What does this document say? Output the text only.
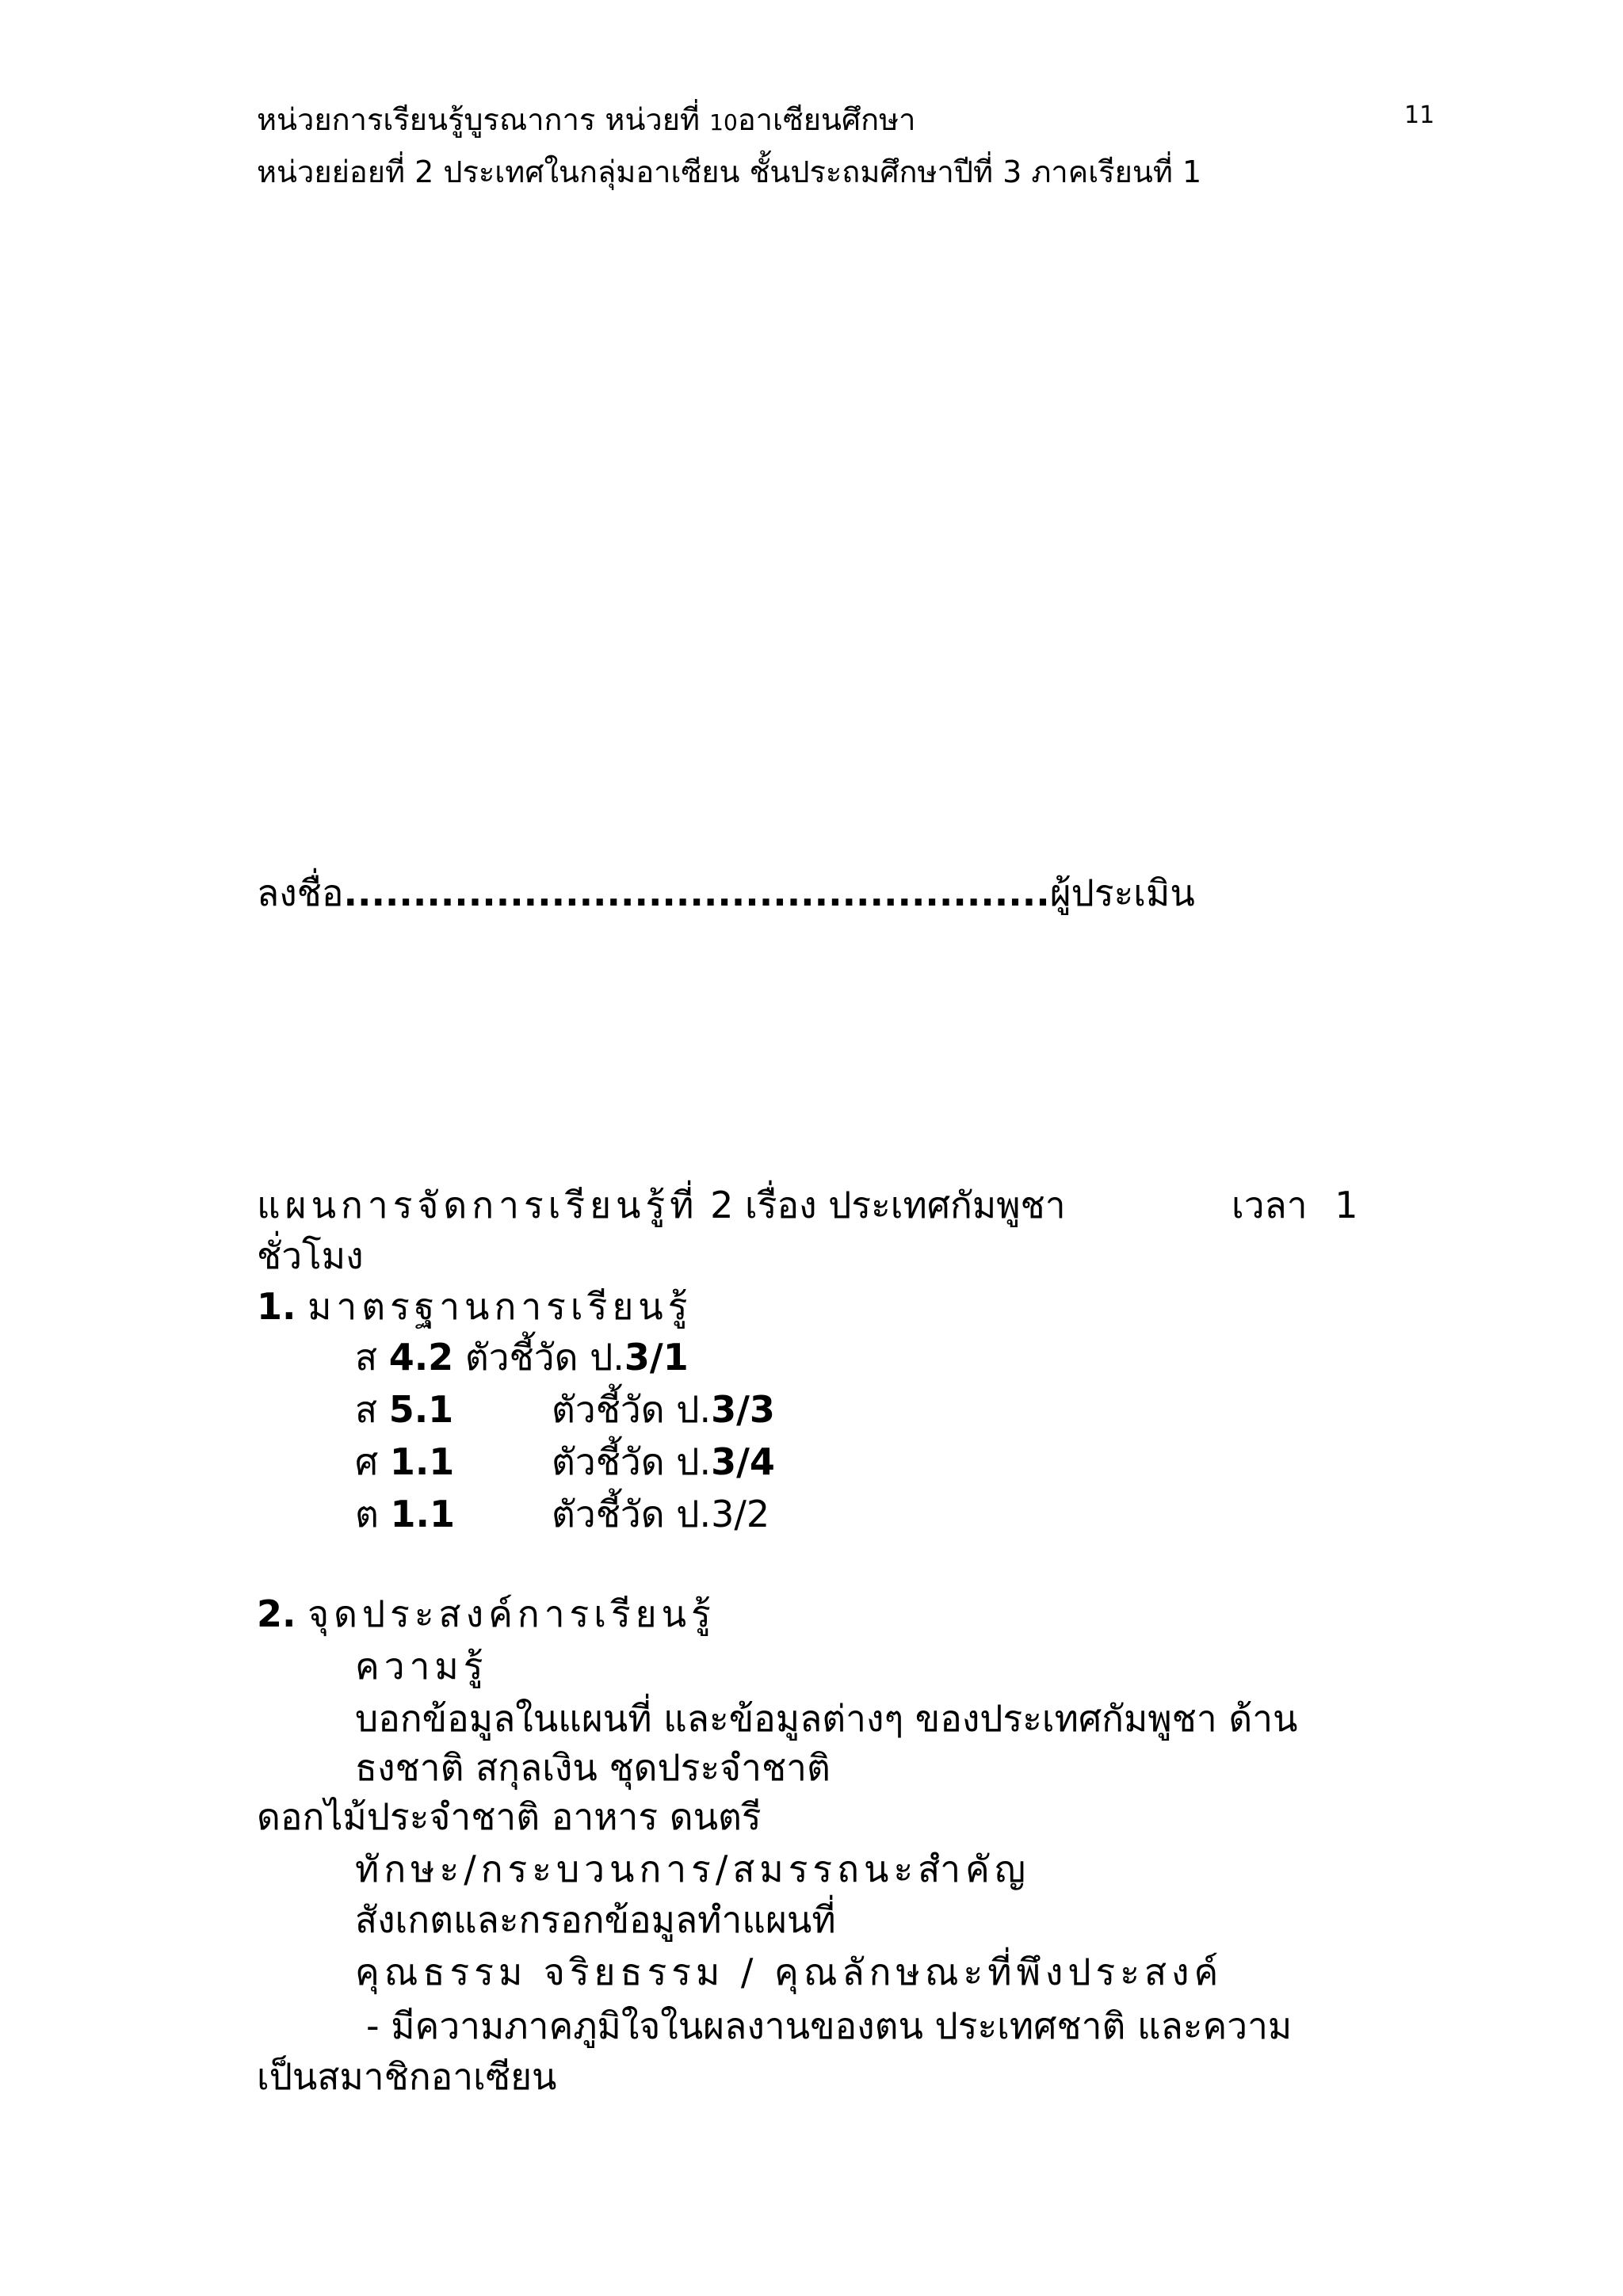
หน่วยการเรียนรู้บูรณาการ หน่วยที่ 10อาเซียนศึกษา	11
หน่วยย่อยที่ 2 ประเทศในกลุ่มอาเซียน ชั้นประถมศึกษาปีที่ 3 ภาคเรียนที่ 1
ลงชื่อ...................................................ผู้ประเมิน
แผนการจัดการเรียนรู้ที่ 2 เรื่อง ประเทศกัมพูชา	เวลา 1
ชั่วโมง
1. มาตรฐานการเรียนรู้
ส 4.2 ตัวชี้วัด ป.3/1
ส 5.1	ตัวชี้วัด ป.3/3
ศ 1.1	ตัวชี้วัด ป.3/4
ต 1.1	ตัวชี้วัด ป.3/2
2. จุดประสงค์การเรียนรู้
ความรู้
บอกข้อมูลในแผนที่ และข้อมูลต่างๆ ของประเทศกัมพูชา ด้าน
ธงชาติ สกุลเงิน ชุดประจำชาติ
ดอกไม้ประจำชาติ อาหาร ดนตรี
ทักษะ/กระบวนการ/สมรรถนะสำคัญ
สังเกตและกรอกข้อมูลทำแผนที่
คุณธรรม จริยธรรม / คุณลักษณะที่พึงประสงค์
- มีความภาคภูมิใจในผลงานของตน ประเทศชาติ และความ
เป็นสมาชิกอาเซียน
